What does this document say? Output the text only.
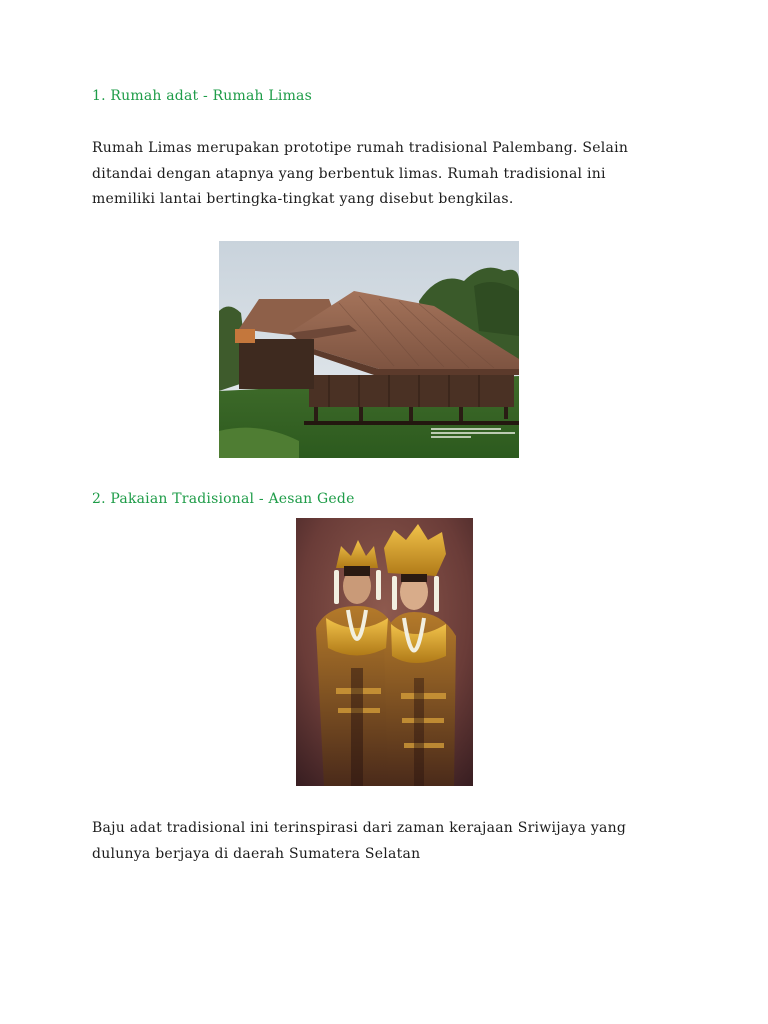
1. Rumah adat - Rumah Limas

Rumah Limas merupakan prototipe rumah tradisional Palembang. Selain

ditandai dengan atapnya yang berbentuk limas. Rumah tradisional ini

memiliki lantai bertingka-tingkat yang disebut bengkilas.

2. Pakaian Tradisional - Aesan Gede

Baju adat tradisional ini terinspirasi dari zaman kerajaan Sriwijaya yang

dulunya berjaya di daerah Sumatera Selatan
